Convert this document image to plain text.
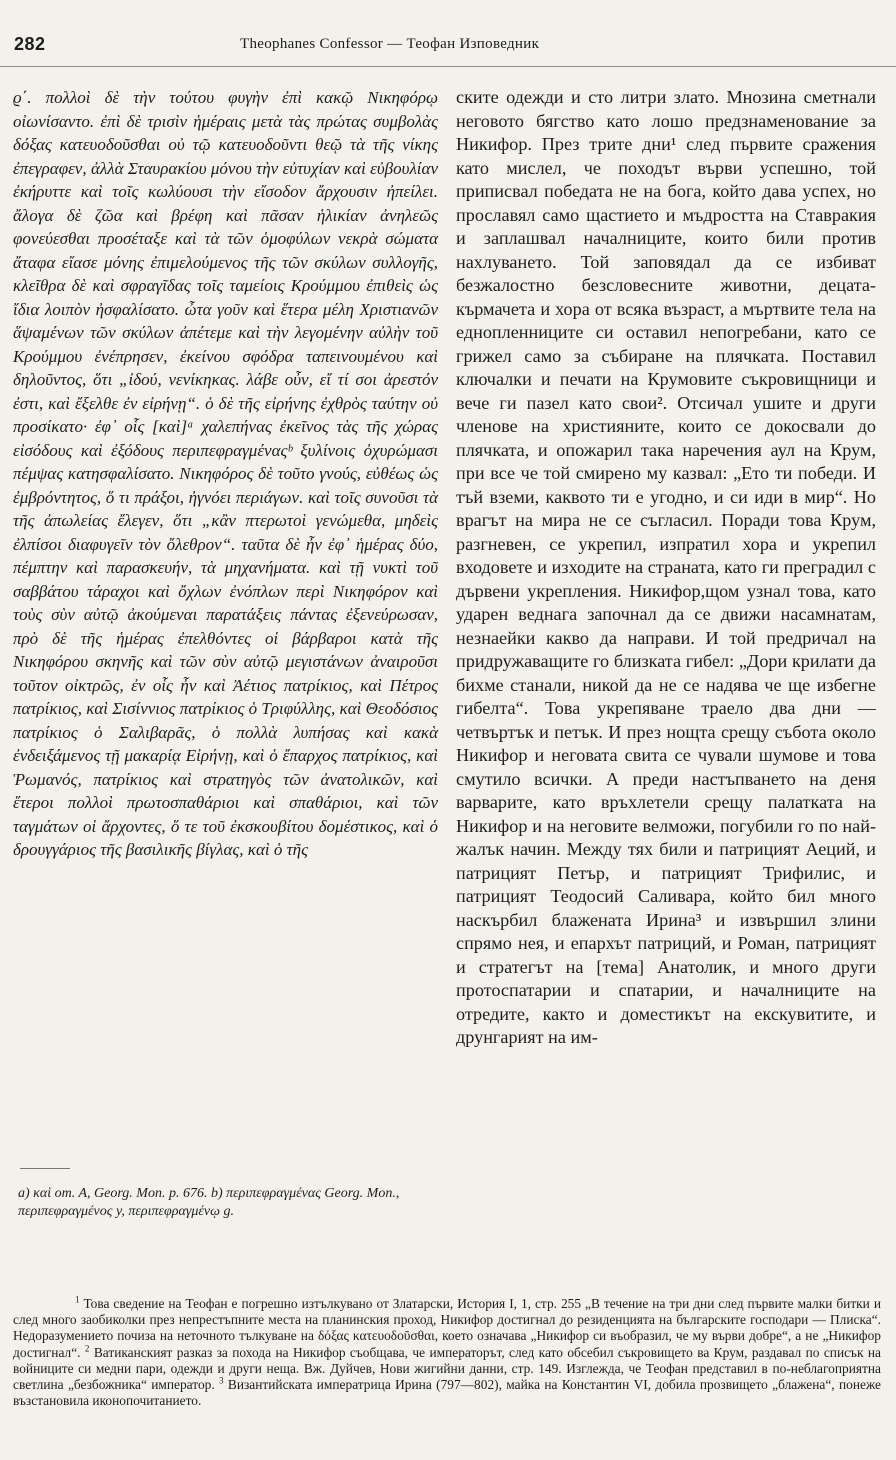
282	Theophanes Confessor — Теофан Изповедник

ϱ΄. πολλοὶ δὲ τὴν τούτου φυγὴν ἐπὶ κακῷ Νικηφόρῳ οἰωνίσαντο. ἐπὶ δὲ τρισὶν ἡμέραις μετὰ τὰς πρώτας συμβολὰς δόξας κατευοδοῦσθαι οὐ τῷ κατευοδοῦντι θεῷ τὰ τῆς νίκης ἐπεγραφεν, ἀλλὰ Σταυρακίου μόνου τὴν εὐτυχίαν καὶ εὐβουλίαν ἐκήρυττε καὶ τοῖς κωλύουσι τὴν εἴσοδον ἄρχουσιν ἠπείλει. ἄλογα δὲ ζῶα καὶ βρέφη καὶ πᾶσαν ἡλικίαν ἀνηλεῶς φονεύεσθαι προσέταξε καὶ τὰ τῶν ὁμοφύλων νεκρὰ σώματα ἄταφα εἴασε μόνης ἐπιμελούμενος τῆς τῶν σκύλων συλλογῆς, κλεῖθρα δὲ καὶ σφραγῖδας τοῖς ταμείοις Κρούμμου ἐπιθεὶς ὡς ἴδια λοιπὸν ἠσφαλίσατο. ὦτα γοῦν καὶ ἕτερα μέλη Χριστιανῶν ἅψαμένων τῶν σκύλων ἀπέτεμε καὶ τὴν λεγομένην αὐλὴν τοῦ Κρούμμου ἐνέπρησεν, ἐκείνου σφόδρα ταπεινουμένου καὶ δηλοῦντος, ὅτι „ἰδού, νενίκηκας. λάβε οὖν, εἴ τί σοι ἀρεστόν ἐστι, καὶ ἔξελθε ἐν εἰρήνῃ“. ὁ δὲ τῆς εἰρήνης ἐχθρὸς ταύτην οὐ προσίκατο· ἐφ᾽ οἷς [καὶ]ᵃ χαλεπήνας ἐκεῖνος τὰς τῆς χώρας εἰσόδους καὶ ἐξόδους περιπεφραγμέναςᵇ ξυλίνοις ὀχυρώμασι πέμψας κατησφαλίσατο. Νικηφόρος δὲ τοῦτο γνούς, εὐθέως ὡς ἐμβρόντητος, ὅ τι πράξοι, ἠγνόει περιάγων. καὶ τοῖς συνοῦσι τὰ τῆς ἀπωλείας ἔλεγεν, ὅτι „κἂν πτερωτοὶ γενώμεθα, μηδεὶς ἐλπίσοι διαφυγεῖν τὸν ὄλεθρον“. ταῦτα δὲ ἦν ἐφ᾽ ἡμέρας δύο, πέμπτην καὶ παρασκευήν, τὰ μηχανήματα. καὶ τῇ νυκτὶ τοῦ σαββάτου τάραχοι καὶ ὄχλων ἐνόπλων περὶ Νικηφόρον καὶ τοὺς σὺν αὐτῷ ἀκούμεναι παρατάξεις πάντας ἐξενεύρωσαν, πρὸ δὲ τῆς ἡμέρας ἐπελθόντες οἱ βάρβαροι κατὰ τῆς Νικηφόρου σκηνῆς καὶ τῶν σὺν αὐτῷ μεγιστάνων ἀναιροῦσι τοῦτον οἰκτρῶς, ἐν οἷς ἦν καὶ Ἀέτιος πατρίκιος, καὶ Πέτρος πατρίκιος, καὶ Σισίννιος πατρίκιος ὁ Τριφύλλης, καὶ Θεοδόσιος πατρίκιος ὁ Σαλιβαρᾶς, ὁ πολλὰ λυπήσας καὶ κακὰ ἐνδειξάμενος τῇ μακαρίᾳ Εἰρήνῃ, καὶ ὁ ἔπαρχος πατρίκιος, καὶ Ῥωμανός, πατρίκιος καὶ στρατηγὸς τῶν ἀνατολικῶν, καὶ ἕτεροι πολλοὶ πρωτοσπαθάριοι καὶ σπαθάριοι, καὶ τῶν ταγμάτων οἱ ἄρχοντες, ὅ τε τοῦ ἐκσκουβίτου δομέστικος, καὶ ὁ δρουγγάριος τῆς βασιλικῆς βίγλας, καὶ ὁ τῆς

ските одежди и сто литри злато. Мнозина сметнали неговото бягство като лошо предзнаменование за Никифор. През трите дни¹ след първите сражения като мислел, че походът върви успешно, той приписвал победата не на бога, който дава успех, но прославял само щастието и мъдростта на Ставракия и заплашвал началниците, които били против нахлуването. Той заповядал да се избиват безжалостно безсловесните животни, децата-кърмачета и хора от всяка възраст, а мъртвите тела на еднопленниците си оставил непогребани, като се грижел само за събиране на плячката. Поставил ключалки и печати на Крумовите съкровищници и вече ги пазел като свои². Отсичал ушите и други членове на християните, които се докосвали до плячката, и опожарил така наречения аул на Крум, при все че той смирено му казвал: „Ето ти победи. И тъй вземи, каквото ти е угодно, и си иди в мир“. Но врагът на мира не се съгласил. Поради това Крум, разгневен, се укрепил, изпратил хора и укрепил входовете и изходите на страната, като ги преградил с дървени укрепления. Никифор,щом узнал това, като ударен веднага започнал да се движи насамнатам, незнаейки какво да направи. И той предричал на придружаващите го близката гибел: „Дори крилати да бихме станали, никой да не се надява че ще избегне гибелта“. Това укрепяване траело два дни — четвъртък и петък. И през нощта срещу събота около Никифор и неговата свита се чували шумове и това смутило всички. А преди настъпването на деня варварите, като връхлетели срещу палатката на Никифор и на неговите велможи, погубили го по най-жалък начин. Между тях били и патрицият Аеций, и патрицият Петър, и патрицият Трифилис, и патрицият Теодосий Саливара, който бил много наскърбил блажената Ирина³ и извършил злини спрямо нея, и епархът патриций, и Роман, патрицият и стратегът на [тема] Анатолик, и много други протоспатарии и спатарии, и началниците на отредите, както и доместикът на екскувитите, и друнгарият на им-

a) καὶ om. A, Georg. Mon. p. 676. b) περιπεφραγμένας Georg. Mon., περιπεφραγμένος y, περιπεφραγμένῳ g.
$^1$ Това сведение на Теофан е погрешно изтълкувано от Златарски, История I, 1, стр. 255 „В течение на три дни след първите малки битки и след много заобиколки през непрестъпните места на планинския проход, Никифор достигнал до резиденцията на българските господари — Плиска“. Недоразумението почиза на неточното тълкуване на δόξας κατευοδοῦσθαι, което означава „Никифор си въобразил, че му върви добре“, а не „Никифор достигнал“. $^2$ Ватиканският разказ за похода на Никифор съобщава, че императорът, след като обсебил съкровището ва Крум, раздавал по списък на войниците си медни пари, одежди и други неща. Вж. Дуйчев, Нови жигийни данни, стр. 149. Изглежда, че Теофан представил в по-неблагоприятна светлина „безбожника“ император. $^3$ Византийската императрица Ирина (797—802), майка на Константин VI, добила прозвището „блажена“, понеже възстановила иконопочитанието.
